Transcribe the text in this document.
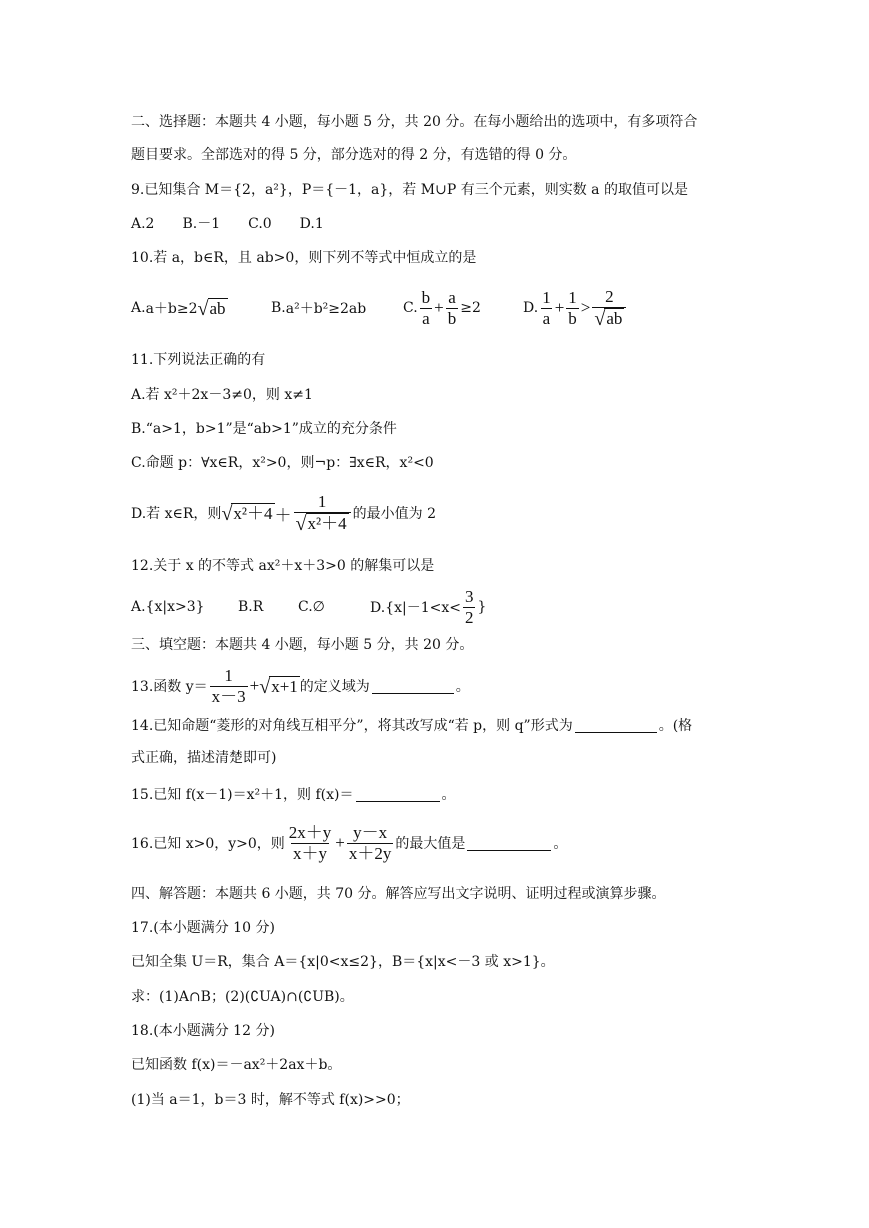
二、选择题：本题共 4 小题，每小题 5 分，共 20 分。在每小题给出的选项中，有多项符合
题目要求。全部选对的得 5 分，部分选对的得 2 分，有选错的得 0 分。
9.已知集合 M＝{2，a²}，P＝{－1，a}，若 M∪P 有三个元素，则实数 a 的取值可以是
A.2　　B.－1　　C.0　　D.1
10.若 a，b∈R，且 ab>0，则下列不等式中恒成立的是
A. a＋b≥2 √ ab	B. a²＋b²≥2ab	C. $\frac{b}{a} + \frac{a}{b} \ge 2$	D. $\frac{1}{a} + \frac{1}{b} > \frac{2}{√ ab}$
11.下列说法正确的有
A.若 x²＋2x－3≠0，则 x≠1
B.“a>1，b>1”是“ab>1”成立的充分条件
C.命题 p：∀x∈R，x²>0，则¬p：∃x∈R，x²<0
D.若 x∈R，则 √ $x^2+4 + \frac{1}{\text{√ x²＋4}}$ 的最小值为 2
12.关于 x 的不等式 ax²＋x＋3>0 的解集可以是
A.{x|x>3}	B.R	C.∅	$D.\{x|-1<x< \frac{3}{2}$ }
三、填空题：本题共 4 小题，每小题 5 分，共 20 分。
13.函数 $y= \frac{1}{x-3}$ + √ x+1 的定义域为	。
14.已知命题“菱形的对角线互相平分”，将其改写成“若 p，则 q”形式为	。(格
式正确，描述清楚即可)
15.已知 f(x－1)＝x²＋1，则 f(x)＝	。
16.已知 x>0，y>0，则 $\frac{2x+y}{x+y} + \frac{y-x}{x+2y}$ 的最大值是	。
四、解答题：本题共 6 小题，共 70 分。解答应写出文字说明、证明过程或演算步骤。
17.(本小题满分 10 分)
已知全集 U＝R，集合 A＝{x|0<x≤2}，B＝{x|x<－3 或 x>1}。
求：(1)A∩B；(2)(∁UA)∩(∁UB)。
18.(本小题满分 12 分)
已知函数 f(x)＝－ax²＋2ax＋b。
(1)当 a＝1，b＝3 时，解不等式 f(x)>>0；
